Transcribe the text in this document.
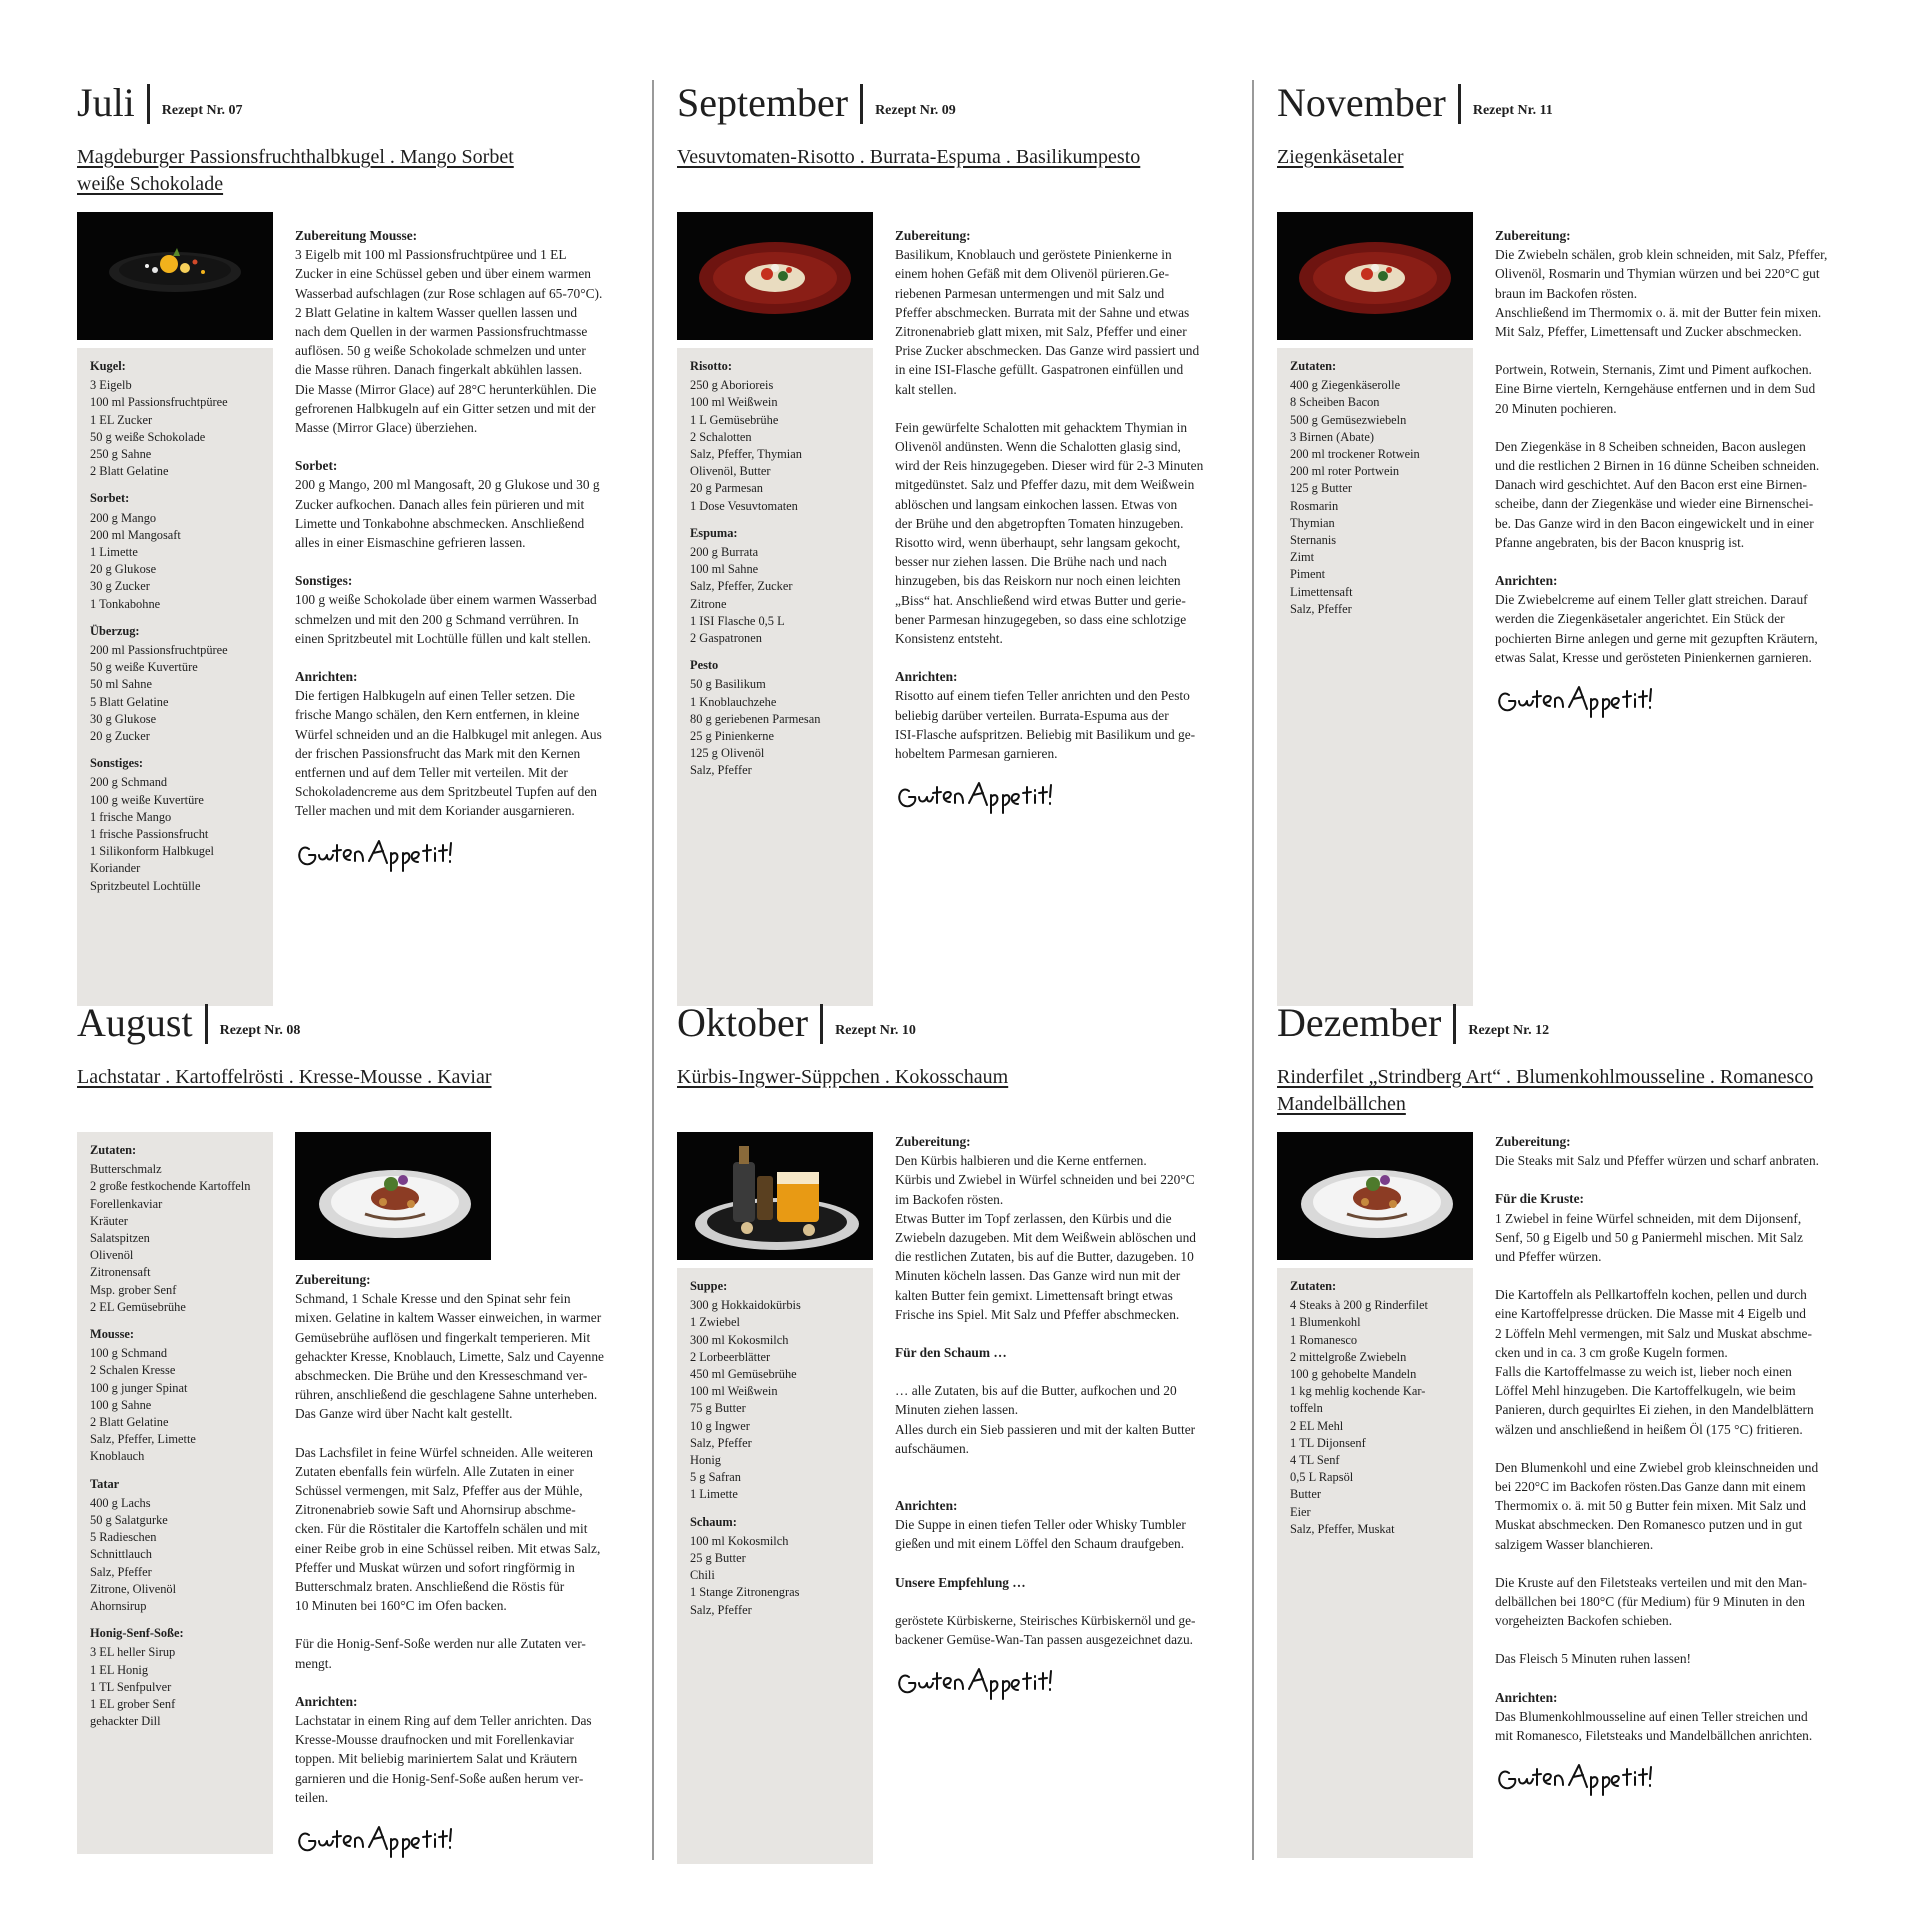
Juli Rezept Nr. 07
Magdeburger Passionsfruchthalbkugel . Mango Sorbet
weiße Schokolade
Kugel:
3 Eigelb
100 ml Passionsfruchtpüree
1 EL Zucker
50 g weiße Schokolade
250 g Sahne
2 Blatt Gelatine
Sorbet:
200 g Mango
200 ml Mangosaft
1 Limette
20 g Glukose
30 g Zucker
1 Tonkabohne
Überzug:
200 ml Passionsfruchtpüree
50 g weiße Kuvertüre
50 ml Sahne
5 Blatt Gelatine
30 g Glukose
20 g Zucker
Sonstiges:
200 g Schmand
100 g weiße Kuvertüre
1 frische Mango
1 frische Passionsfrucht
1 Silikonform Halbkugel
Koriander
Spritzbeutel Lochtülle
Zubereitung Mousse:
3 Eigelb mit 100 ml Passionsfruchtpüree und 1 EL
Zucker in eine Schüssel geben und über einem warmen
Wasserbad aufschlagen (zur Rose schlagen auf 65-70°C).
2 Blatt Gelatine in kaltem Wasser quellen lassen und
nach dem Quellen in der warmen Passionsfruchtmasse
auflösen. 50 g weiße Schokolade schmelzen und unter
die Masse rühren. Danach fingerkalt abkühlen lassen.
Die Masse (Mirror Glace) auf 28°C herunterkühlen. Die
gefrorenen Halbkugeln auf ein Gitter setzen und mit der
Masse (Mirror Glace) überziehen.
Sorbet:
200 g Mango, 200 ml Mangosaft, 20 g Glukose und 30 g
Zucker aufkochen. Danach alles fein pürieren und mit
Limette und Tonkabohne abschmecken. Anschließend
alles in einer Eismaschine gefrieren lassen.
Sonstiges:
100 g weiße Schokolade über einem warmen Wasserbad
schmelzen und mit den 200 g Schmand verrühren. In
einen Spritzbeutel mit Lochtülle füllen und kalt stellen.
Anrichten:
Die fertigen Halbkugeln auf einen Teller setzen. Die
frische Mango schälen, den Kern entfernen, in kleine
Würfel schneiden und an die Halbkugel mit anlegen. Aus
der frischen Passionsfrucht das Mark mit den Kernen
entfernen und auf dem Teller mit verteilen. Mit der
Schokoladencreme aus dem Spritzbeutel Tupfen auf den
Teller machen und mit dem Koriander ausgarnieren.
September Rezept Nr. 09
Vesuvtomaten-Risotto . Burrata-Espuma . Basilikumpesto
Risotto:
250 g Aborioreis
100 ml Weißwein
1 L Gemüsebrühe
2 Schalotten
Salz, Pfeffer, Thymian
Olivenöl, Butter
20 g Parmesan
1 Dose Vesuvtomaten
Espuma:
200 g Burrata
100 ml Sahne
Salz, Pfeffer, Zucker
Zitrone
1 ISI Flasche 0,5 L
2 Gaspatronen
Pesto
50 g Basilikum
1 Knoblauchzehe
80 g geriebenen Parmesan
25 g Pinienkerne
125 g Olivenöl
Salz, Pfeffer
Zubereitung:
Basilikum, Knoblauch und geröstete Pinienkerne in
einem hohen Gefäß mit dem Olivenöl pürieren.Ge-
riebenen Parmesan untermengen und mit Salz und
Pfeffer abschmecken. Burrata mit der Sahne und etwas
Zitronenabrieb glatt mixen, mit Salz, Pfeffer und einer
Prise Zucker abschmecken. Das Ganze wird passiert und
in eine ISI-Flasche gefüllt. Gaspatronen einfüllen und
kalt stellen.
Fein gewürfelte Schalotten mit gehacktem Thymian in
Olivenöl andünsten. Wenn die Schalotten glasig sind,
wird der Reis hinzugegeben. Dieser wird für 2-3 Minuten
mitgedünstet. Salz und Pfeffer dazu, mit dem Weißwein
ablöschen und langsam einkochen lassen. Etwas von
der Brühe und den abgetropften Tomaten hinzugeben.
Risotto wird, wenn überhaupt, sehr langsam gekocht,
besser nur ziehen lassen. Die Brühe nach und nach
hinzugeben, bis das Reiskorn nur noch einen leichten
„Biss“ hat. Anschließend wird etwas Butter und gerie-
bener Parmesan hinzugegeben, so dass eine schlotzige
Konsistenz entsteht.
Anrichten:
Risotto auf einem tiefen Teller anrichten und den Pesto
beliebig darüber verteilen. Burrata-Espuma aus der
ISI-Flasche aufspritzen. Beliebig mit Basilikum und ge-
hobeltem Parmesan garnieren.
November Rezept Nr. 11
Ziegenkäsetaler
Zutaten:
400 g Ziegenkäserolle
8 Scheiben Bacon
500 g Gemüsezwiebeln
3 Birnen (Abate)
200 ml trockener Rotwein
200 ml roter Portwein
125 g Butter
Rosmarin
Thymian
Sternanis
Zimt
Piment
Limettensaft
Salz, Pfeffer
Zubereitung:
Die Zwiebeln schälen, grob klein schneiden, mit Salz, Pfeffer,
Olivenöl, Rosmarin und Thymian würzen und bei 220°C gut
braun im Backofen rösten.
Anschließend im Thermomix o. ä. mit der Butter fein mixen.
Mit Salz, Pfeffer, Limettensaft und Zucker abschmecken.
Portwein, Rotwein, Sternanis, Zimt und Piment aufkochen.
Eine Birne vierteln, Kerngehäuse entfernen und in dem Sud
20 Minuten pochieren.
Den Ziegenkäse in 8 Scheiben schneiden, Bacon auslegen
und die restlichen 2 Birnen in 16 dünne Scheiben schneiden.
Danach wird geschichtet. Auf den Bacon erst eine Birnen-
scheibe, dann der Ziegenkäse und wieder eine Birnenschei-
be. Das Ganze wird in den Bacon eingewickelt und in einer
Pfanne angebraten, bis der Bacon knusprig ist.
Anrichten:
Die Zwiebelcreme auf einem Teller glatt streichen. Darauf
werden die Ziegenkäsetaler angerichtet. Ein Stück der
pochierten Birne anlegen und gerne mit gezupften Kräutern,
etwas Salat, Kresse und gerösteten Pinienkernen garnieren.
August Rezept Nr. 08
Lachstatar . Kartoffelrösti . Kresse-Mousse . Kaviar
Zutaten:
Butterschmalz
2 große festkochende Kartoffeln
Forellenkaviar
Kräuter
Salatspitzen
Olivenöl
Zitronensaft
Msp. grober Senf
2 EL Gemüsebrühe
Mousse:
100 g Schmand
2 Schalen Kresse
100 g junger Spinat
100 g Sahne
2 Blatt Gelatine
Salz, Pfeffer, Limette
Knoblauch
Tatar
400 g Lachs
50 g Salatgurke
5 Radieschen
Schnittlauch
Salz, Pfeffer
Zitrone, Olivenöl
Ahornsirup
Honig-Senf-Soße:
3 EL heller Sirup
1 EL Honig
1 TL Senfpulver
1 EL grober Senf
gehackter Dill
Zubereitung:
Schmand, 1 Schale Kresse und den Spinat sehr fein
mixen. Gelatine in kaltem Wasser einweichen, in warmer
Gemüsebrühe auflösen und fingerkalt temperieren. Mit
gehackter Kresse, Knoblauch, Limette, Salz und Cayenne
abschmecken. Die Brühe und den Kresseschmand ver-
rühren, anschließend die geschlagene Sahne unterheben.
Das Ganze wird über Nacht kalt gestellt.
Das Lachsfilet in feine Würfel schneiden. Alle weiteren
Zutaten ebenfalls fein würfeln. Alle Zutaten in einer
Schüssel vermengen, mit Salz, Pfeffer aus der Mühle,
Zitronenabrieb sowie Saft und Ahornsirup abschme-
cken. Für die Röstitaler die Kartoffeln schälen und mit
einer Reibe grob in eine Schüssel reiben. Mit etwas Salz,
Pfeffer und Muskat würzen und sofort ringförmig in
Butterschmalz braten. Anschließend die Röstis für
10 Minuten bei 160°C im Ofen backen.
Für die Honig-Senf-Soße werden nur alle Zutaten ver-
mengt.
Anrichten:
Lachstatar in einem Ring auf dem Teller anrichten. Das
Kresse-Mousse draufnocken und mit Forellenkaviar
toppen. Mit beliebig mariniertem Salat und Kräutern
garnieren und die Honig-Senf-Soße außen herum ver-
teilen.
Oktober Rezept Nr. 10
Kürbis-Ingwer-Süppchen . Kokosschaum
Suppe:
300 g Hokkaidokürbis
1 Zwiebel
300 ml Kokosmilch
2 Lorbeerblätter
450 ml Gemüsebrühe
100 ml Weißwein
75 g Butter
10 g Ingwer
Salz, Pfeffer
Honig
5 g Safran
1 Limette
Schaum:
100 ml Kokosmilch
25 g Butter
Chili
1 Stange Zitronengras
Salz, Pfeffer
Zubereitung:
Den Kürbis halbieren und die Kerne entfernen.
Kürbis und Zwiebel in Würfel schneiden und bei 220°C
im Backofen rösten.
Etwas Butter im Topf zerlassen, den Kürbis und die
Zwiebeln dazugeben. Mit dem Weißwein ablöschen und
die restlichen Zutaten, bis auf die Butter, dazugeben. 10
Minuten köcheln lassen. Das Ganze wird nun mit der
kalten Butter fein gemixt. Limettensaft bringt etwas
Frische ins Spiel. Mit Salz und Pfeffer abschmecken.
Für den Schaum …
… alle Zutaten, bis auf die Butter, aufkochen und 20
Minuten ziehen lassen.
Alles durch ein Sieb passieren und mit der kalten Butter
aufschäumen.
Anrichten:
Die Suppe in einen tiefen Teller oder Whisky Tumbler
gießen und mit einem Löffel den Schaum draufgeben.
Unsere Empfehlung …
geröstete Kürbiskerne, Steirisches Kürbiskernöl und ge-
backener Gemüse-Wan-Tan passen ausgezeichnet dazu.
Dezember Rezept Nr. 12
Rinderfilet „Strindberg Art“ . Blumenkohlmousseline . Romanesco
Mandelbällchen
Zutaten:
4 Steaks à 200 g Rinderfilet
1 Blumenkohl
1 Romanesco
2 mittelgroße Zwiebeln
100 g gehobelte Mandeln
1 kg mehlig kochende Kar-
toffeln
2 EL Mehl
1 TL Dijonsenf
4 TL Senf
0,5 L Rapsöl
Butter
Eier
Salz, Pfeffer, Muskat
Zubereitung:
Die Steaks mit Salz und Pfeffer würzen und scharf anbraten.
Für die Kruste:
1 Zwiebel in feine Würfel schneiden, mit dem Dijonsenf,
Senf, 50 g Eigelb und 50 g Paniermehl mischen. Mit Salz
und Pfeffer würzen.
Die Kartoffeln als Pellkartoffeln kochen, pellen und durch
eine Kartoffelpresse drücken. Die Masse mit 4 Eigelb und
2 Löffeln Mehl vermengen, mit Salz und Muskat abschme-
cken und in ca. 3 cm große Kugeln formen.
Falls die Kartoffelmasse zu weich ist, lieber noch einen
Löffel Mehl hinzugeben. Die Kartoffelkugeln, wie beim
Panieren, durch gequirltes Ei ziehen, in den Mandelblättern
wälzen und anschließend in heißem Öl (175 °C) fritieren.
Den Blumenkohl und eine Zwiebel grob kleinschneiden und
bei 220°C im Backofen rösten.Das Ganze dann mit einem
Thermomix o. ä. mit 50 g Butter fein mixen. Mit Salz und
Muskat abschmecken. Den Romanesco putzen und in gut
salzigem Wasser blanchieren.
Die Kruste auf den Filetsteaks verteilen und mit den Man-
delbällchen bei 180°C (für Medium) für 9 Minuten in den
vorgeheizten Backofen schieben.
Das Fleisch 5 Minuten ruhen lassen!
Anrichten:
Das Blumenkohlmousseline auf einen Teller streichen und
mit Romanesco, Filetsteaks und Mandelbällchen anrichten.
